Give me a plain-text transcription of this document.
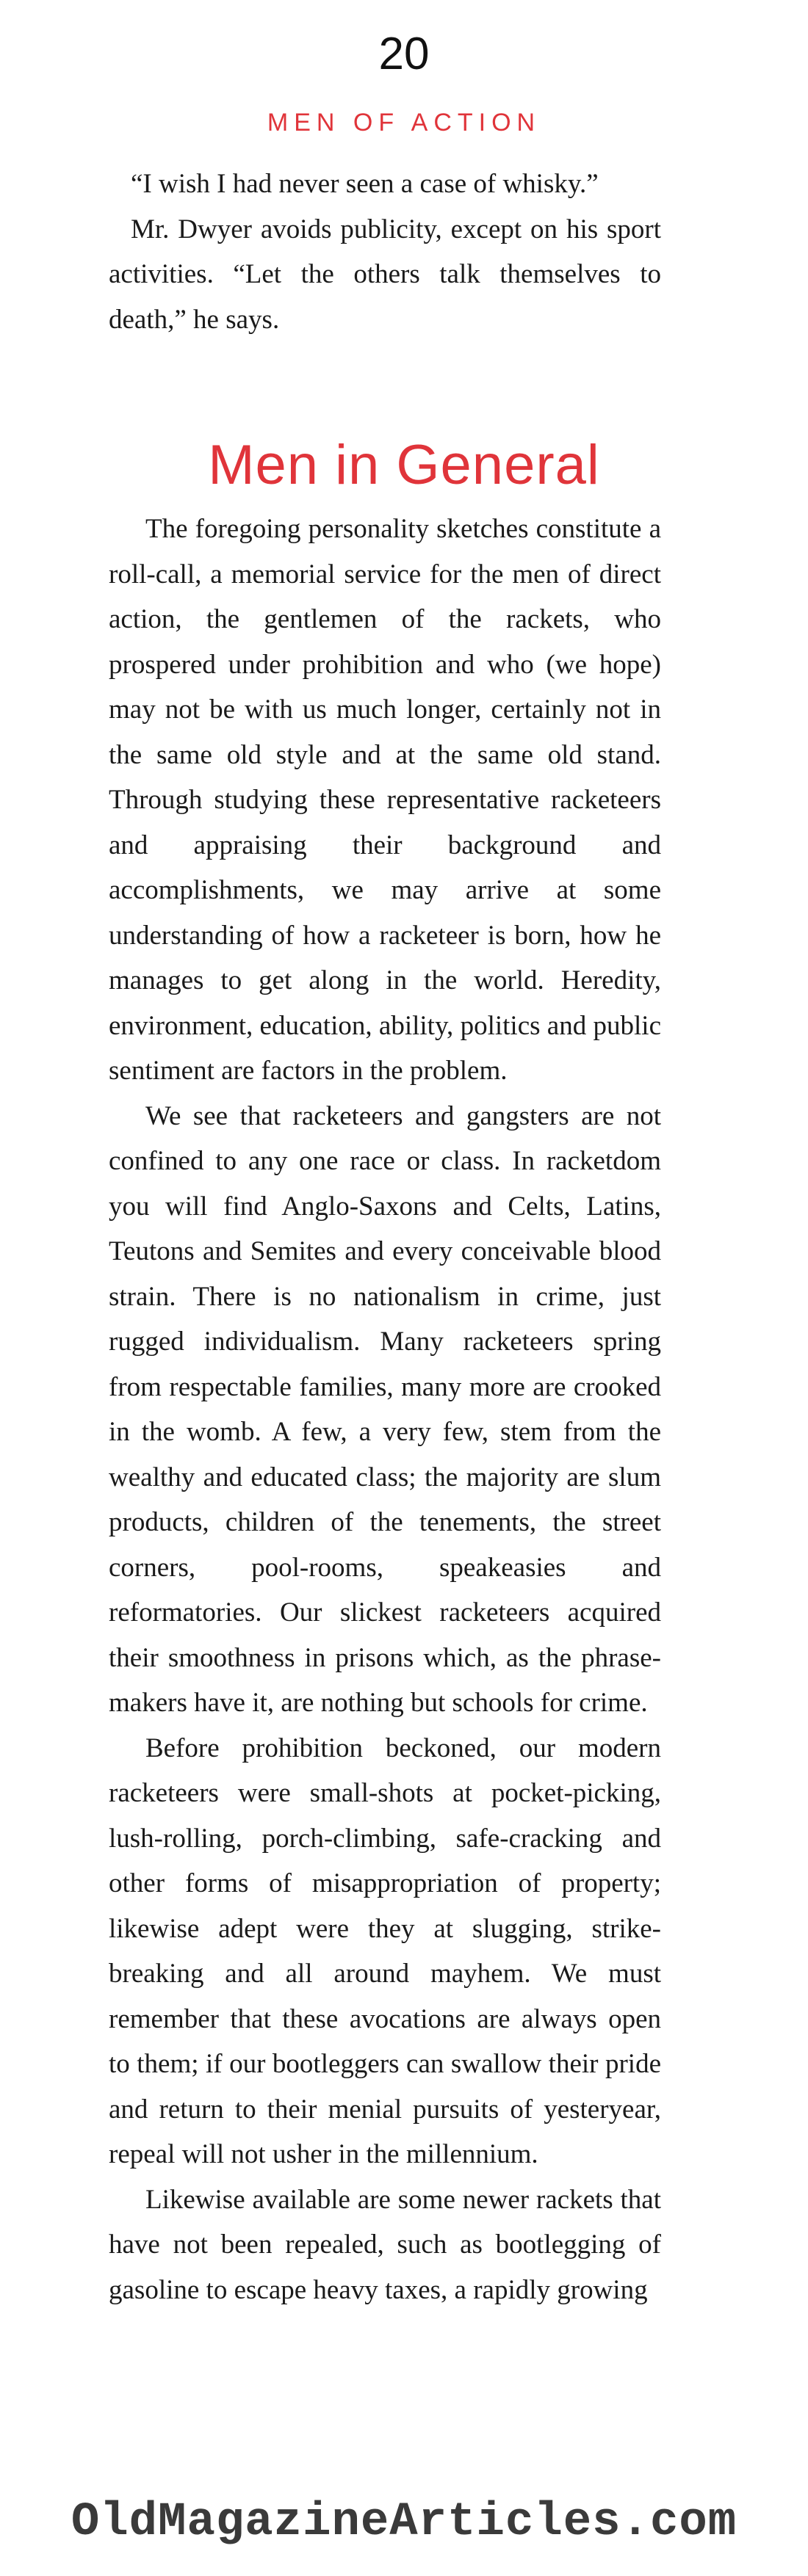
20
MEN OF ACTION

“I wish I had never seen a case of whisky.”

Mr. Dwyer avoids publicity, except on his sport activities. “Let the others talk themselves to death,” he says.

Men in General

The foregoing personality sketches constitute a roll-call, a memorial service for the men of direct action, the gentlemen of the rackets, who prospered under prohibition and who (we hope) may not be with us much longer, certainly not in the same old style and at the same old stand. Through studying these representative racketeers and appraising their background and accomplishments, we may arrive at some understanding of how a racketeer is born, how he manages to get along in the world. Heredity, environment, education, ability, politics and public sentiment are factors in the problem.

We see that racketeers and gangsters are not confined to any one race or class. In racketdom you will find Anglo-Saxons and Celts, Latins, Teutons and Semites and every conceivable blood strain. There is no nationalism in crime, just rugged individualism. Many racketeers spring from respectable families, many more are crooked in the womb. A few, a very few, stem from the wealthy and educated class; the majority are slum products, children of the tenements, the street corners, pool-rooms, speakeasies and reformatories. Our slickest racketeers acquired their smoothness in prisons which, as the phrase-makers have it, are nothing but schools for crime.

Before prohibition beckoned, our modern racketeers were small-shots at pocket-picking, lush-rolling, porch-climbing, safe-cracking and other forms of misappropriation of property; likewise adept were they at slugging, strike-breaking and all around mayhem. We must remember that these avocations are always open to them; if our bootleggers can swallow their pride and return to their menial pursuits of yesteryear, repeal will not usher in the millennium.

Likewise available are some newer rackets that have not been repealed, such as bootlegging of gasoline to escape heavy taxes, a rapidly growing

OldMagazineArticles.com
